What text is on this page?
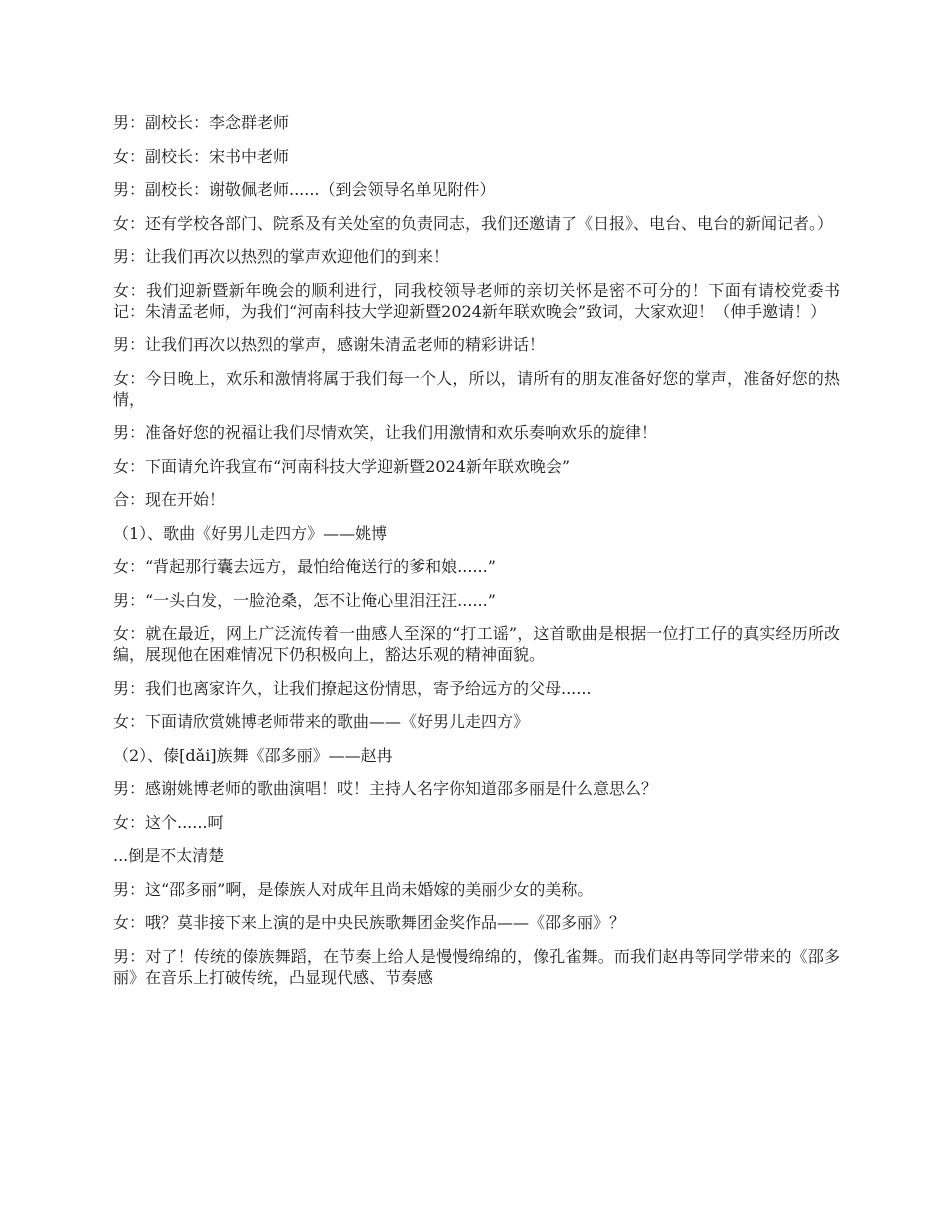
男：副校长：李念群老师

女：副校长：宋书中老师

男：副校长：谢敬佩老师......（到会领导名单见附件）

女：还有学校各部门、院系及有关处室的负责同志，我们还邀请了《日报》、电台、电台的新闻记者。）

男：让我们再次以热烈的掌声欢迎他们的到来！

女：我们迎新暨新年晚会的顺利进行，同我校领导老师的亲切关怀是密不可分的！下面有请校党委书记：朱清孟老师，为我们“河南科技大学迎新暨2024新年联欢晚会”致词，大家欢迎！（伸手邀请！）

男：让我们再次以热烈的掌声，感谢朱清孟老师的精彩讲话！

女：今日晚上，欢乐和激情将属于我们每一个人，所以，请所有的朋友准备好您的掌声，准备好您的热情，

男：准备好您的祝福让我们尽情欢笑，让我们用激情和欢乐奏响欢乐的旋律！

女：下面请允许我宣布“河南科技大学迎新暨2024新年联欢晚会”

合：现在开始！

（1）、歌曲《好男儿走四方》——姚博

女：“背起那行囊去远方，最怕给俺送行的爹和娘......”

男：“一头白发，一脸沧桑，怎不让俺心里泪汪汪......”

女：就在最近，网上广泛流传着一曲感人至深的“打工谣”，这首歌曲是根据一位打工仔的真实经历所改编，展现他在困难情况下仍积极向上，豁达乐观的精神面貌。

男：我们也离家许久，让我们撩起这份情思，寄予给远方的父母......

女：下面请欣赏姚博老师带来的歌曲——《好男儿走四方》

（2）、傣[dǎi]族舞《邵多丽》——赵冉

男：感谢姚博老师的歌曲演唱！哎！主持人名字你知道邵多丽是什么意思么？

女：这个......呵

...倒是不太清楚

男：这“邵多丽”啊，是傣族人对成年且尚未婚嫁的美丽少女的美称。

女：哦？莫非接下来上演的是中央民族歌舞团金奖作品——《邵多丽》？

男：对了！传统的傣族舞蹈，在节奏上给人是慢慢绵绵的，像孔雀舞。而我们赵冉等同学带来的《邵多丽》在音乐上打破传统，凸显现代感、节奏感
